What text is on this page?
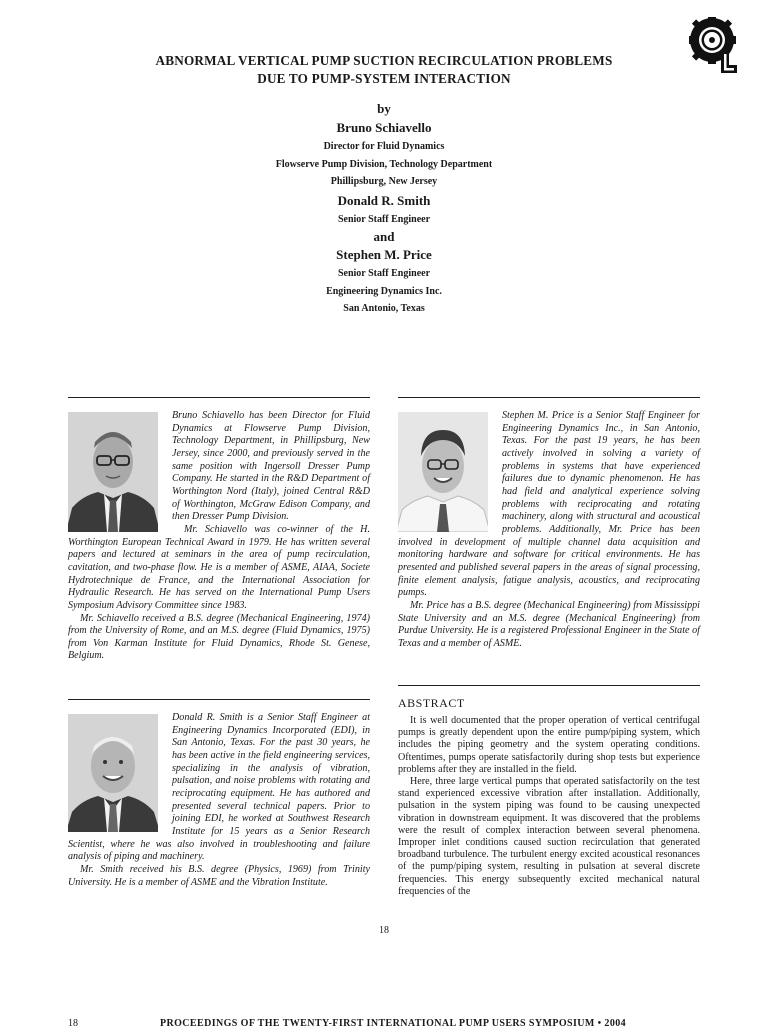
ABNORMAL VERTICAL PUMP SUCTION RECIRCULATION PROBLEMS
DUE TO PUMP-SYSTEM INTERACTION
by
Bruno Schiavello
Director for Fluid Dynamics
Flowserve Pump Division, Technology Department
Phillipsburg, New Jersey
Donald R. Smith
Senior Staff Engineer
and
Stephen M. Price
Senior Staff Engineer
Engineering Dynamics Inc.
San Antonio, Texas

Bruno Schiavello has been Director for Fluid Dynamics at Flowserve Pump Division, Technology Department, in Phillipsburg, New Jersey, since 2000, and previously served in the same position with Ingersoll Dresser Pump Company. He started in the R&D Department of Worthington Nord (Italy), joined Central R&D of Worthington, McGraw Edison Company, and then Dresser Pump Division.

Mr. Schiavello was co-winner of the H. Worthington European Technical Award in 1979. He has written several papers and lectured at seminars in the area of pump recirculation, cavitation, and two-phase flow. He is a member of ASME, AIAA, Societe Hydrotechnique de France, and the International Association for Hydraulic Research. He has served on the International Pump Users Symposium Advisory Committee since 1983.

Mr. Schiavello received a B.S. degree (Mechanical Engineering, 1974) from the University of Rome, and an M.S. degree (Fluid Dynamics, 1975) from Von Karman Institute for Fluid Dynamics, Rhode St. Genese, Belgium.

Donald R. Smith is a Senior Staff Engineer at Engineering Dynamics Incorporated (EDI), in San Antonio, Texas. For the past 30 years, he has been active in the field engineering services, specializing in the analysis of vibration, pulsation, and noise problems with rotating and reciprocating equipment. He has authored and presented several technical papers. Prior to joining EDI, he worked at Southwest Research Institute for 15 years as a Senior Research Scientist, where he was also involved in troubleshooting and failure analysis of piping and machinery.

Mr. Smith received his B.S. degree (Physics, 1969) from Trinity University. He is a member of ASME and the Vibration Institute.

Stephen M. Price is a Senior Staff Engineer for Engineering Dynamics Inc., in San Antonio, Texas. For the past 19 years, he has been actively involved in solving a variety of problems in systems that have experienced failures due to dynamic phenomenon. He has had field and analytical experience solving problems with reciprocating and rotating machinery, along with structural and acoustical problems. Additionally, Mr. Price has been involved in development of multiple channel data acquisition and monitoring hardware and software for critical environments. He has presented and published several papers in the areas of signal processing, finite element analysis, fatigue analysis, acoustics, and reciprocating pumps.

Mr. Price has a B.S. degree (Mechanical Engineering) from Mississippi State University and an M.S. degree (Mechanical Engineering) from Purdue University. He is a registered Professional Engineer in the State of Texas and a member of ASME.

ABSTRACT

It is well documented that the proper operation of vertical centrifugal pumps is greatly dependent upon the entire pump/piping system, which includes the piping geometry and the system operating conditions. Oftentimes, pumps operate satisfactorily during shop tests but experience problems after they are installed in the field.

Here, three large vertical pumps that operated satisfactorily on the test stand experienced excessive vibration after installation. Additionally, pulsation in the system piping was found to be causing unexpected vibration in downstream equipment. It was discovered that the problems were the result of complex interaction between several phenomena. Improper inlet conditions caused suction recirculation that generated broadband turbulence. The turbulent energy excited acoustical resonances of the pump/piping system, resulting in pulsation at several discrete frequencies. This energy subsequently excited mechanical natural frequencies of the

18
18	PROCEEDINGS OF THE TWENTY-FIRST INTERNATIONAL PUMP USERS SYMPOSIUM • 2004
